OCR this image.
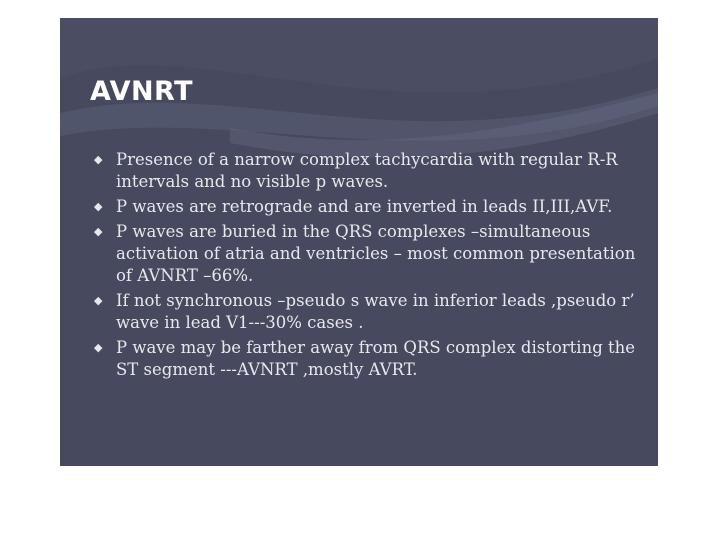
AVNRT
◆ Presence of a narrow complex tachycardia with regular R-R intervals and no visible p waves.
◆ P waves are retrograde and are inverted in leads II,III,AVF.
◆ P waves are buried in the QRS complexes –simultaneous activation of atria and ventricles – most common presentation of AVNRT –66%.
◆ If not synchronous –pseudo s wave in inferior leads ,pseudo r’ wave in lead V1---30% cases .
◆ P wave may be farther away from QRS complex distorting the ST segment ---AVNRT ,mostly AVRT.
